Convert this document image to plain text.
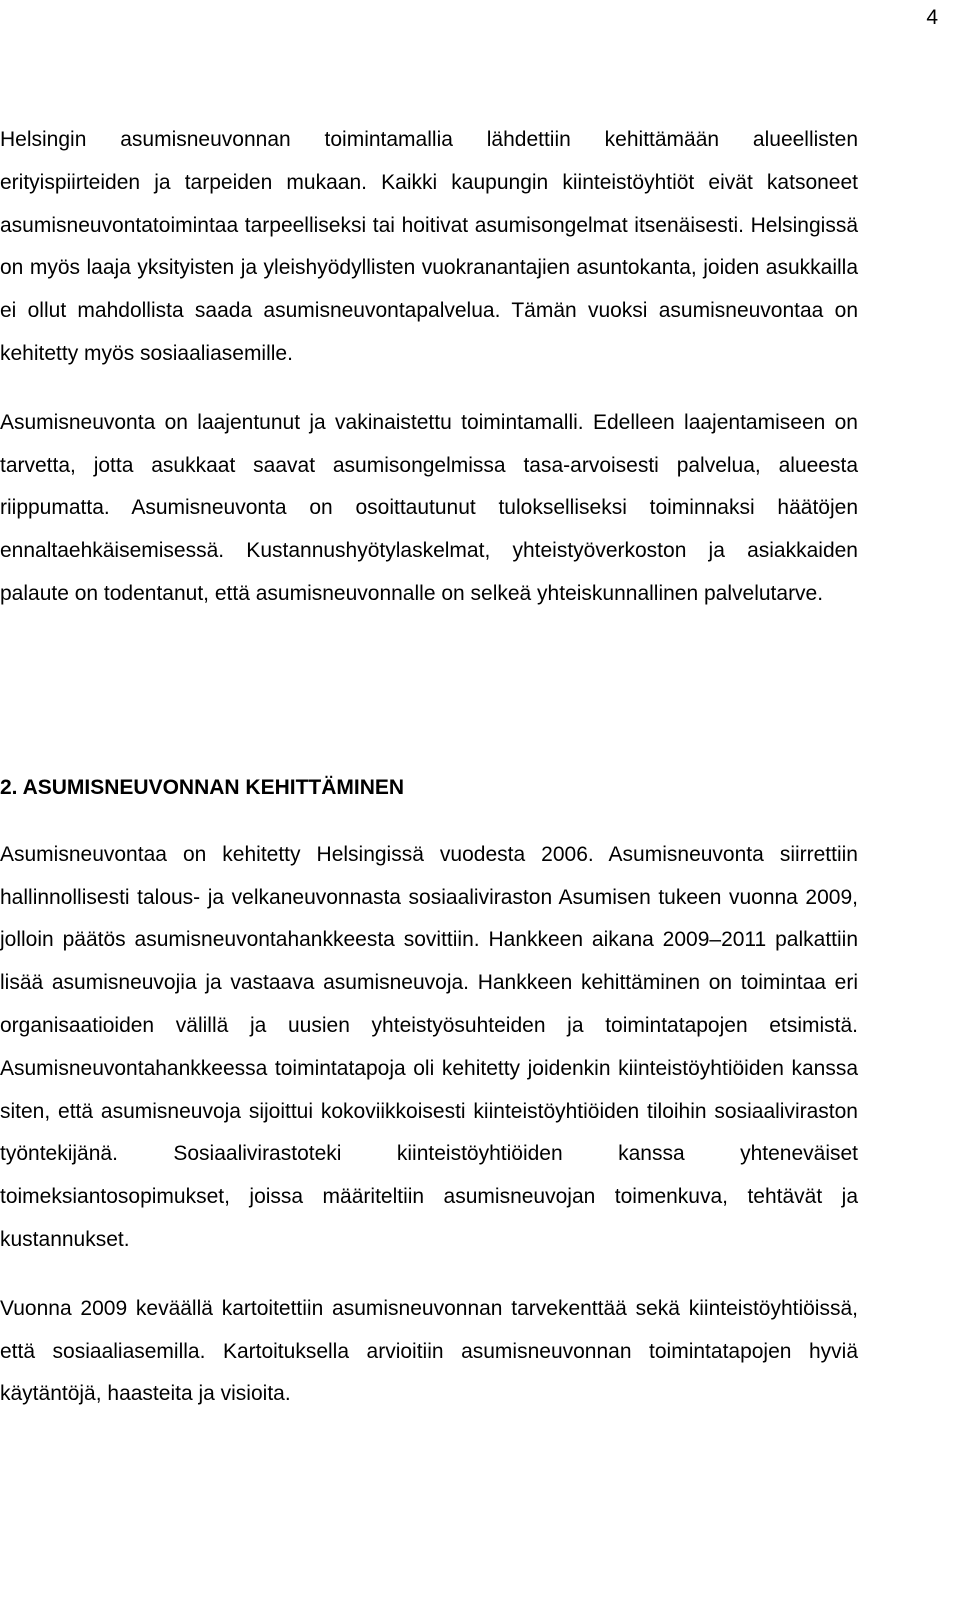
4

Helsingin asumisneuvonnan toimintamallia lähdettiin kehittämään alueellisten erityispiirteiden ja tarpeiden mukaan. Kaikki kaupungin kiinteistöyhtiöt eivät katsoneet asumisneuvontatoimintaa tarpeelliseksi tai hoitivat asumisongelmat itsenäisesti. Helsingissä on myös laaja yksityisten ja yleishyödyllisten vuokranantajien asuntokanta, joiden asukkailla ei ollut mahdollista saada asumisneuvontapalvelua. Tämän vuoksi asumisneuvontaa on kehitetty myös sosiaaliasemille.

Asumisneuvonta on laajentunut ja vakinaistettu toimintamalli. Edelleen laajentamiseen on tarvetta, jotta asukkaat saavat asumisongelmissa tasa-arvoisesti palvelua, alueesta riippumatta. Asumisneuvonta on osoittautunut tulokselliseksi toiminnaksi häätöjen ennaltaehkäisemisessä. Kustannushyötylaskelmat, yhteistyöverkoston ja asiakkaiden palaute on todentanut, että asumisneuvonnalle on selkeä yhteiskunnallinen palvelutarve.

2. ASUMISNEUVONNAN KEHITTÄMINEN

Asumisneuvontaa on kehitetty Helsingissä vuodesta 2006. Asumisneuvonta siirrettiin hallinnollisesti talous- ja velkaneuvonnasta sosiaaliviraston Asumisen tukeen vuonna 2009, jolloin päätös asumisneuvontahankkeesta sovittiin. Hankkeen aikana 2009–2011 palkattiin lisää asumisneuvojia ja vastaava asumisneuvoja. Hankkeen kehittäminen on toimintaa eri organisaatioiden välillä ja uusien yhteistyösuhteiden ja toimintatapojen etsimistä. Asumisneuvontahankkeessa toimintatapoja oli kehitetty joidenkin kiinteistöyhtiöiden kanssa siten, että asumisneuvoja sijoittui kokoviikkoisesti kiinteistöyhtiöiden tiloihin sosiaaliviraston työntekijänä. Sosiaalivirastoteki kiinteistöyhtiöiden kanssa yhteneväiset toimeksiantosopimukset, joissa määriteltiin asumisneuvojan toimenkuva, tehtävät ja kustannukset.

Vuonna 2009 keväällä kartoitettiin asumisneuvonnan tarvekenttää sekä kiinteistöyhtiöissä, että sosiaaliasemilla. Kartoituksella arvioitiin asumisneuvonnan toimintatapojen hyviä käytäntöjä, haasteita ja visioita.
